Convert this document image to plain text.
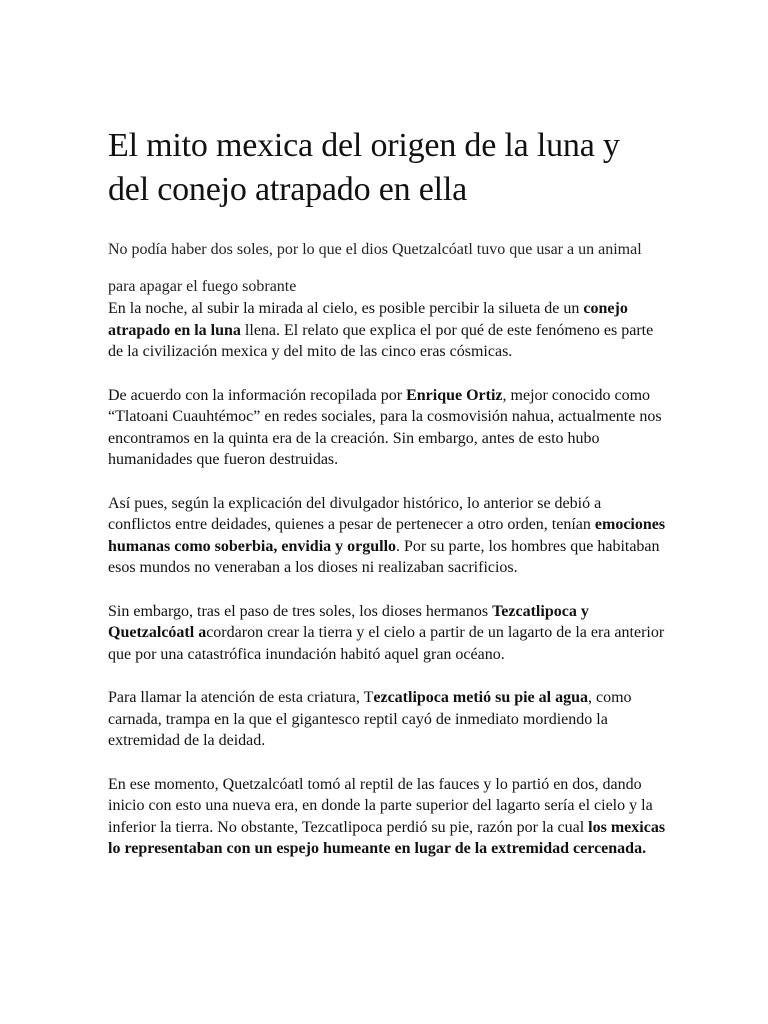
El mito mexica del origen de la luna y del conejo atrapado en ella

No podía haber dos soles, por lo que el dios Quetzalcóatl tuvo que usar a un animal para apagar el fuego sobrante

En la noche, al subir la mirada al cielo, es posible percibir la silueta de un conejo atrapado en la luna llena. El relato que explica el por qué de este fenómeno es parte de la civilización mexica y del mito de las cinco eras cósmicas.

De acuerdo con la información recopilada por Enrique Ortiz, mejor conocido como “Tlatoani Cuauhtémoc” en redes sociales, para la cosmovisión nahua, actualmente nos encontramos en la quinta era de la creación. Sin embargo, antes de esto hubo humanidades que fueron destruidas.

Así pues, según la explicación del divulgador histórico, lo anterior se debió a conflictos entre deidades, quienes a pesar de pertenecer a otro orden, tenían emociones humanas como soberbia, envidia y orgullo. Por su parte, los hombres que habitaban esos mundos no veneraban a los dioses ni realizaban sacrificios.

Sin embargo, tras el paso de tres soles, los dioses hermanos Tezcatlipoca y Quetzalcóatl acordaron crear la tierra y el cielo a partir de un lagarto de la era anterior que por una catastrófica inundación habitó aquel gran océano.

Para llamar la atención de esta criatura, Tezcatlipoca metió su pie al agua, como carnada, trampa en la que el gigantesco reptil cayó de inmediato mordiendo la extremidad de la deidad.

En ese momento, Quetzalcóatl tomó al reptil de las fauces y lo partió en dos, dando inicio con esto una nueva era, en donde la parte superior del lagarto sería el cielo y la inferior la tierra. No obstante, Tezcatlipoca perdió su pie, razón por la cual los mexicas lo representaban con un espejo humeante en lugar de la extremidad cercenada.
